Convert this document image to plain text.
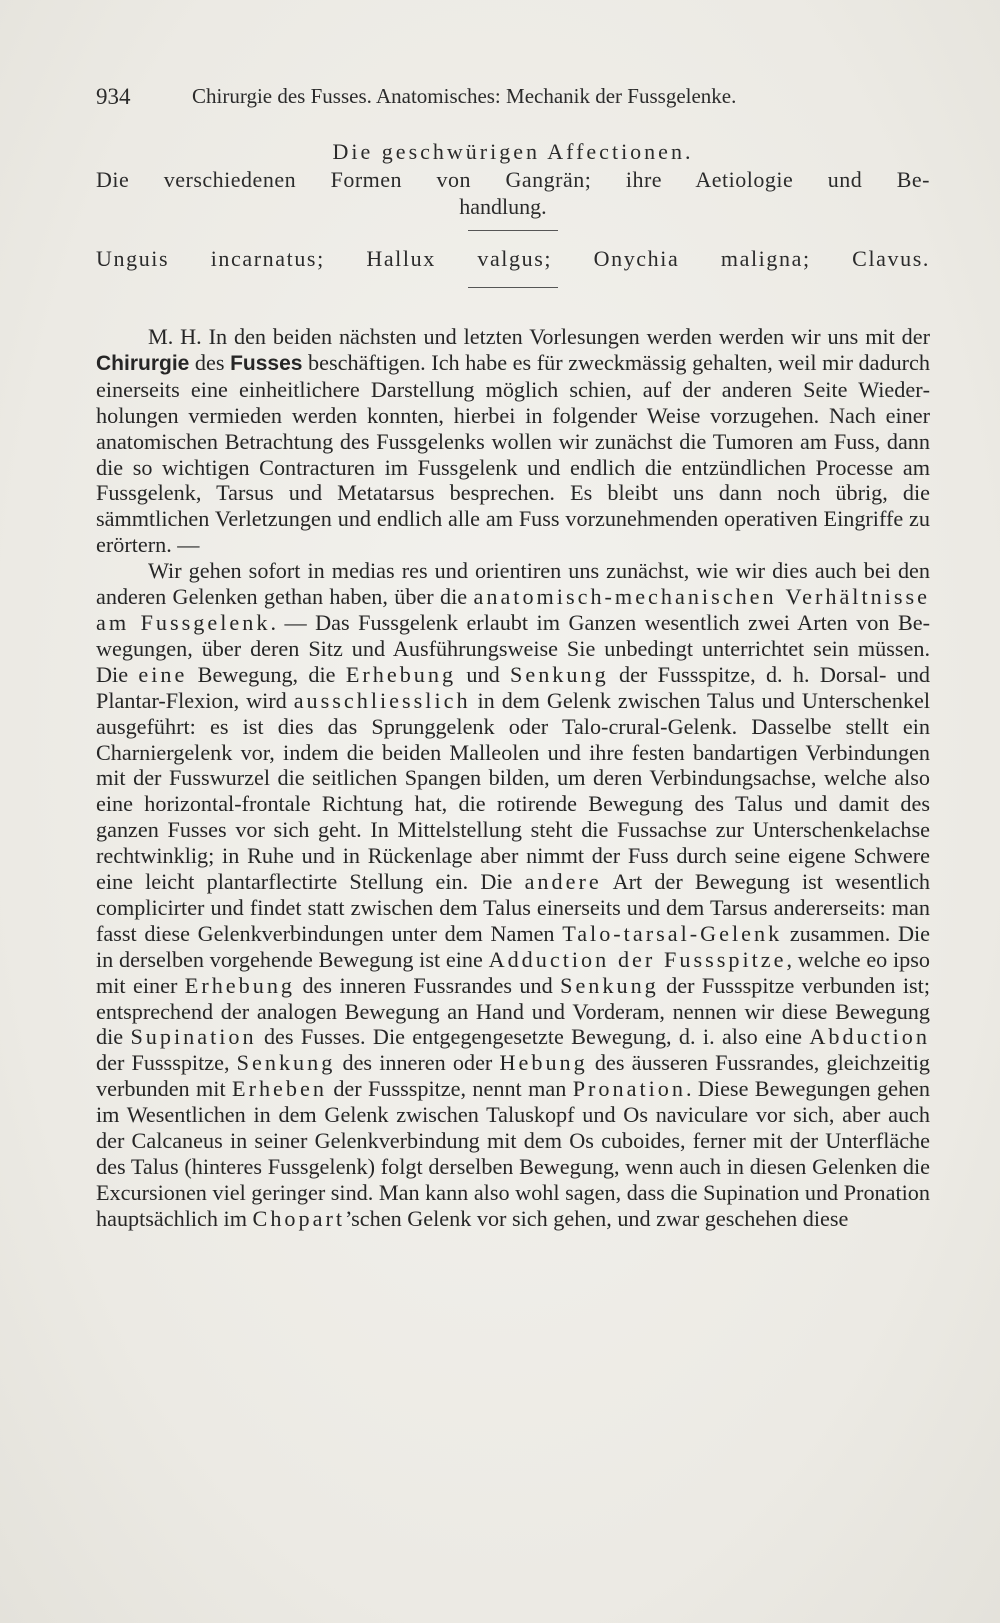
934	Chirurgie des Fusses. Anatomisches: Mechanik der Fussgelenke.
Die geschwürigen Affectionen.
Die verschiedenen Formen von Gangrän; ihre Aetiologie und Be-
handlung.
Unguis incarnatus; Hallux valgus; Onychia maligna; Clavus.

M. H. In den beiden nächsten und letzten Vorlesungen werden werden wir uns mit der Chirurgie des Fusses beschäftigen. Ich habe es für zweckmässig gehalten, weil mir dadurch einerseits eine einheitlichere Darstellung möglich schien, auf der anderen Seite Wiederholungen vermieden werden konnten, hierbei in folgender Weise vorzugehen. Nach einer anatomischen Betrachtung des Fussgelenks wollen wir zunächst die Tumoren am Fuss, dann die so wichtigen Contracturen im Fussgelenk und endlich die entzündlichen Processe am Fussgelenk, Tarsus und Metatarsus besprechen. Es bleibt uns dann noch übrig, die sämmtlichen Verletzungen und endlich alle am Fuss vorzunehmenden operativen Eingriffe zu erörtern. —

Wir gehen sofort in medias res und orientiren uns zunächst, wie wir dies auch bei den anderen Gelenken gethan haben, über die anatomisch-mechanischen Verhältnisse am Fussgelenk. — Das Fussgelenk erlaubt im Ganzen wesentlich zwei Arten von Bewegungen, über deren Sitz und Ausführungsweise Sie unbedingt unterrichtet sein müssen. Die eine Bewegung, die Erhebung und Senkung der Fussspitze, d. h. Dorsal- und Plantar-Flexion, wird ausschliesslich in dem Gelenk zwischen Talus und Unterschenkel ausgeführt: es ist dies das Sprunggelenk oder Talo-crural-Gelenk. Dasselbe stellt ein Charniergelenk vor, indem die beiden Malleolen und ihre festen bandartigen Verbindungen mit der Fusswurzel die seitlichen Spangen bilden, um deren Verbindungsachse, welche also eine horizontal-frontale Richtung hat, die rotirende Bewegung des Talus und damit des ganzen Fusses vor sich geht. In Mittelstellung steht die Fussachse zur Unterschenkelachse rechtwinklig; in Ruhe und in Rückenlage aber nimmt der Fuss durch seine eigene Schwere eine leicht plantarflectirte Stellung ein. Die andere Art der Bewegung ist wesentlich complicirter und findet statt zwischen dem Talus einerseits und dem Tarsus andererseits: man fasst diese Gelenkverbindungen unter dem Namen Talo-tarsal-Gelenk zusammen. Die in derselben vorgehende Bewegung ist eine Adduction der Fussspitze, welche eo ipso mit einer Erhebung des inneren Fussrandes und Senkung der Fussspitze verbunden ist; entsprechend der analogen Bewegung an Hand und Vorderam, nennen wir diese Bewegung die Supination des Fusses. Die entgegengesetzte Bewegung, d. i. also eine Abduction der Fussspitze, Senkung des inneren oder Hebung des äusseren Fussrandes, gleichzeitig verbunden mit Erheben der Fussspitze, nennt man Pronation. Diese Bewegungen gehen im Wesentlichen in dem Gelenk zwischen Taluskopf und Os naviculare vor sich, aber auch der Calcaneus in seiner Gelenkverbindung mit dem Os cuboides, ferner mit der Unterfläche des Talus (hinteres Fussgelenk) folgt derselben Bewegung, wenn auch in diesen Gelenken die Excursionen viel geringer sind. Man kann also wohl sagen, dass die Supination und Pronation hauptsächlich im Chopart’schen Gelenk vor sich gehen, und zwar geschehen diese
